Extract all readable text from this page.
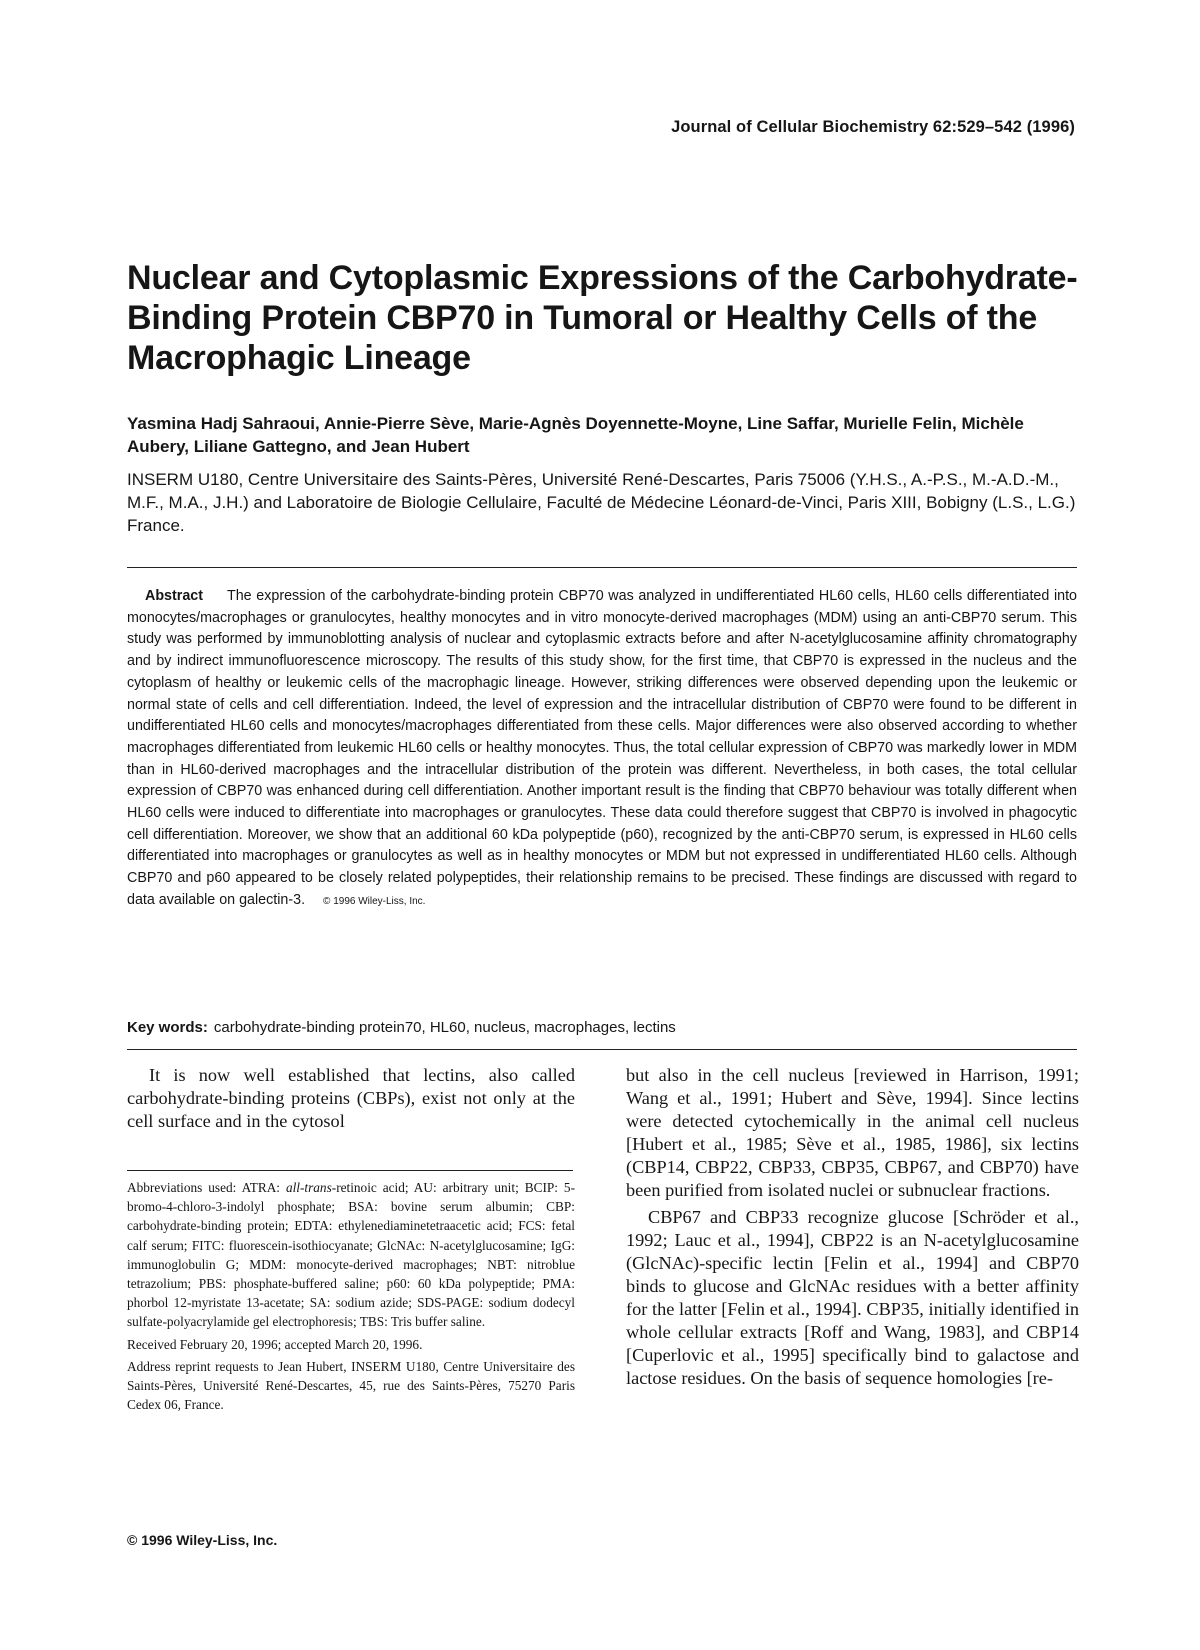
Journal of Cellular Biochemistry 62:529–542 (1996)
Nuclear and Cytoplasmic Expressions of the Carbohydrate-Binding Protein CBP70 in Tumoral or Healthy Cells of the Macrophagic Lineage

Yasmina Hadj Sahraoui, Annie-Pierre Sève, Marie-Agnès Doyennette-Moyne, Line Saffar, Murielle Felin, Michèle Aubery, Liliane Gattegno, and Jean Hubert

INSERM U180, Centre Universitaire des Saints-Pères, Université René-Descartes, Paris 75006 (Y.H.S., A.-P.S., M.-A.D.-M., M.F., M.A., J.H.) and Laboratoire de Biologie Cellulaire, Faculté de Médecine Léonard-de-Vinci, Paris XIII, Bobigny (L.S., L.G.) France.

Abstract The expression of the carbohydrate-binding protein CBP70 was analyzed in undifferentiated HL60 cells, HL60 cells differentiated into monocytes/macrophages or granulocytes, healthy monocytes and in vitro monocyte-derived macrophages (MDM) using an anti-CBP70 serum. This study was performed by immunoblotting analysis of nuclear and cytoplasmic extracts before and after N-acetylglucosamine affinity chromatography and by indirect immunofluorescence microscopy. The results of this study show, for the first time, that CBP70 is expressed in the nucleus and the cytoplasm of healthy or leukemic cells of the macrophagic lineage. However, striking differences were observed depending upon the leukemic or normal state of cells and cell differentiation. Indeed, the level of expression and the intracellular distribution of CBP70 were found to be different in undifferentiated HL60 cells and monocytes/macrophages differentiated from these cells. Major differences were also observed according to whether macrophages differentiated from leukemic HL60 cells or healthy monocytes. Thus, the total cellular expression of CBP70 was markedly lower in MDM than in HL60-derived macrophages and the intracellular distribution of the protein was different. Nevertheless, in both cases, the total cellular expression of CBP70 was enhanced during cell differentiation. Another important result is the finding that CBP70 behaviour was totally different when HL60 cells were induced to differentiate into macrophages or granulocytes. These data could therefore suggest that CBP70 is involved in phagocytic cell differentiation. Moreover, we show that an additional 60 kDa polypeptide (p60), recognized by the anti-CBP70 serum, is expressed in HL60 cells differentiated into macrophages or granulocytes as well as in healthy monocytes or MDM but not expressed in undifferentiated HL60 cells. Although CBP70 and p60 appeared to be closely related polypeptides, their relationship remains to be precised. These findings are discussed with regard to data available on galectin-3. © 1996 Wiley-Liss, Inc.

Key words: carbohydrate-binding protein70, HL60, nucleus, macrophages, lectins

It is now well established that lectins, also called carbohydrate-binding proteins (CBPs), exist not only at the cell surface and in the cytosol

Abbreviations used: ATRA: all-trans-retinoic acid; AU: arbitrary unit; BCIP: 5-bromo-4-chloro-3-indolyl phosphate; BSA: bovine serum albumin; CBP: carbohydrate-binding protein; EDTA: ethylenediaminetetraacetic acid; FCS: fetal calf serum; FITC: fluorescein-isothiocyanate; GlcNAc: N-acetylglucosamine; IgG: immunoglobulin G; MDM: monocyte-derived macrophages; NBT: nitroblue tetrazolium; PBS: phosphate-buffered saline; p60: 60 kDa polypeptide; PMA: phorbol 12-myristate 13-acetate; SA: sodium azide; SDS-PAGE: sodium dodecyl sulfate-polyacrylamide gel electrophoresis; TBS: Tris buffer saline.

Received February 20, 1996; accepted March 20, 1996.

Address reprint requests to Jean Hubert, INSERM U180, Centre Universitaire des Saints-Pères, Université René-Descartes, 45, rue des Saints-Pères, 75270 Paris Cedex 06, France.

© 1996 Wiley-Liss, Inc.

but also in the cell nucleus [reviewed in Harrison, 1991; Wang et al., 1991; Hubert and Sève, 1994]. Since lectins were detected cytochemically in the animal cell nucleus [Hubert et al., 1985; Sève et al., 1985, 1986], six lectins (CBP14, CBP22, CBP33, CBP35, CBP67, and CBP70) have been purified from isolated nuclei or subnuclear fractions.

CBP67 and CBP33 recognize glucose [Schröder et al., 1992; Lauc et al., 1994], CBP22 is an N-acetylglucosamine (GlcNAc)-specific lectin [Felin et al., 1994] and CBP70 binds to glucose and GlcNAc residues with a better affinity for the latter [Felin et al., 1994]. CBP35, initially identified in whole cellular extracts [Roff and Wang, 1983], and CBP14 [Cuperlovic et al., 1995] specifically bind to galactose and lactose residues. On the basis of sequence homologies [re-
